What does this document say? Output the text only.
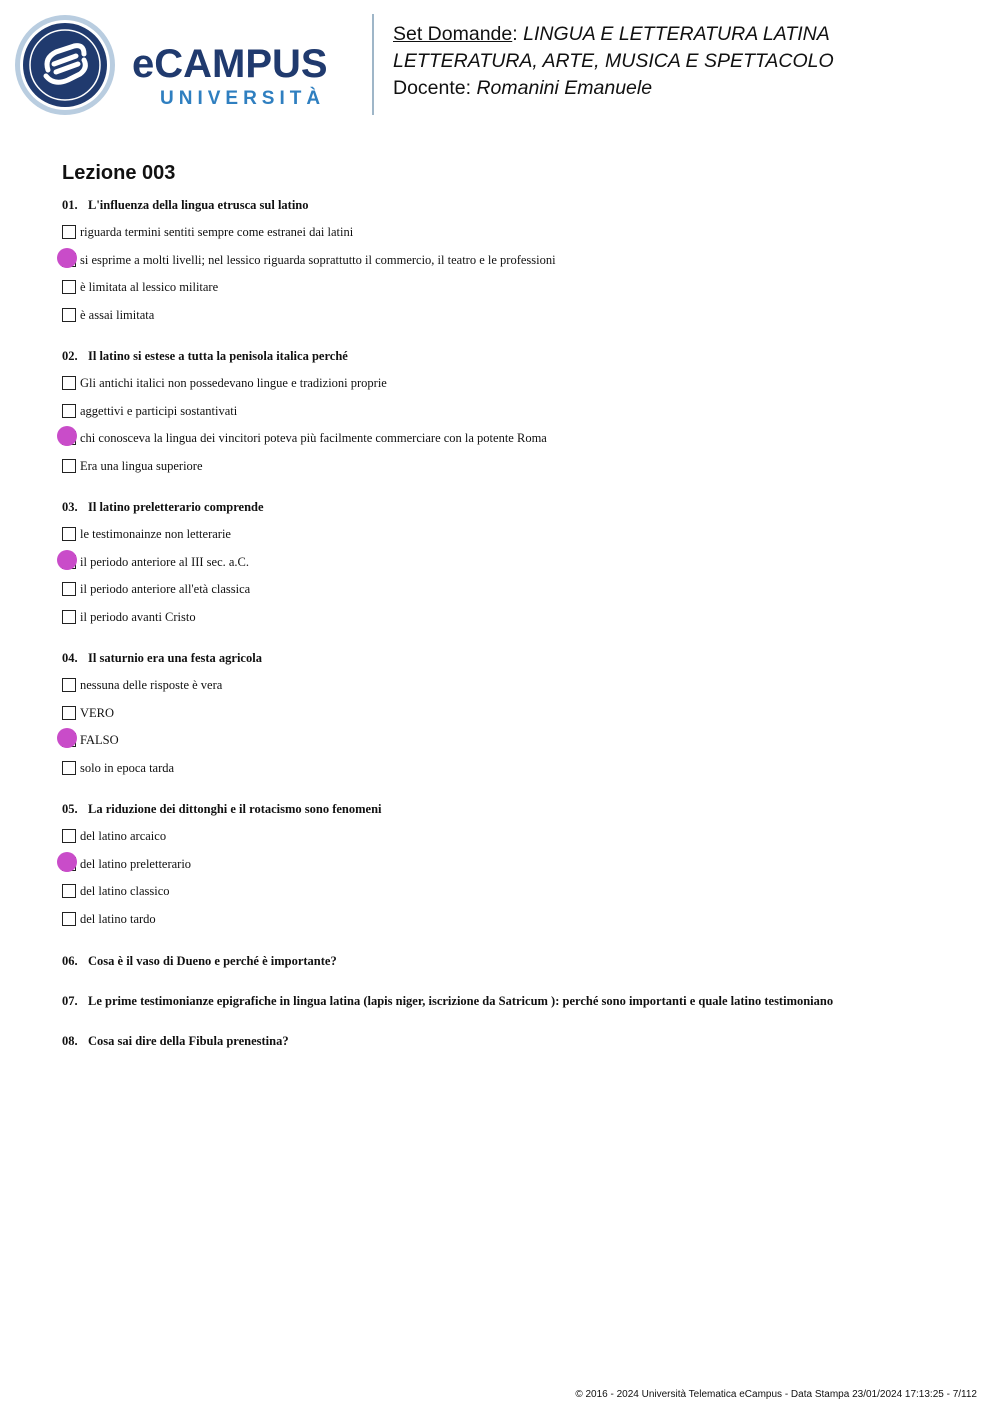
eCAMPUS
UNIVERSITÀ
Set Domande: LINGUA E LETTERATURA LATINA
LETTERATURA, ARTE, MUSICA E SPETTACOLO
Docente: Romanini Emanuele
Lezione 003
01. L'influenza della lingua etrusca sul latino
riguarda termini sentiti sempre come estranei dai latini
si esprime a molti livelli; nel lessico riguarda soprattutto il commercio, il teatro e le professioni
è limitata al lessico militare
è assai limitata
02. Il latino si estese a tutta la penisola italica perché
Gli antichi italici non possedevano lingue e tradizioni proprie
aggettivi e participi sostantivati
chi conosceva la lingua dei vincitori poteva più facilmente commerciare con la potente Roma
Era una lingua superiore
03. Il latino preletterario comprende
le testimonainze non letterarie
il periodo anteriore al III sec. a.C.
il periodo anteriore all'età classica
il periodo avanti Cristo
04. Il saturnio era una festa agricola
nessuna delle risposte è vera
VERO
FALSO
solo in epoca tarda
05. La riduzione dei dittonghi e il rotacismo sono fenomeni
del latino arcaico
del latino preletterario
del latino classico
del latino tardo
06. Cosa è il vaso di Dueno e perché è importante?
07. Le prime testimonianze epigrafiche in lingua latina (lapis niger, iscrizione da Satricum ): perché sono importanti e quale latino testimoniano
08. Cosa sai dire della Fibula prenestina?
© 2016 - 2024 Università Telematica eCampus - Data Stampa 23/01/2024 17:13:25 - 7/112
